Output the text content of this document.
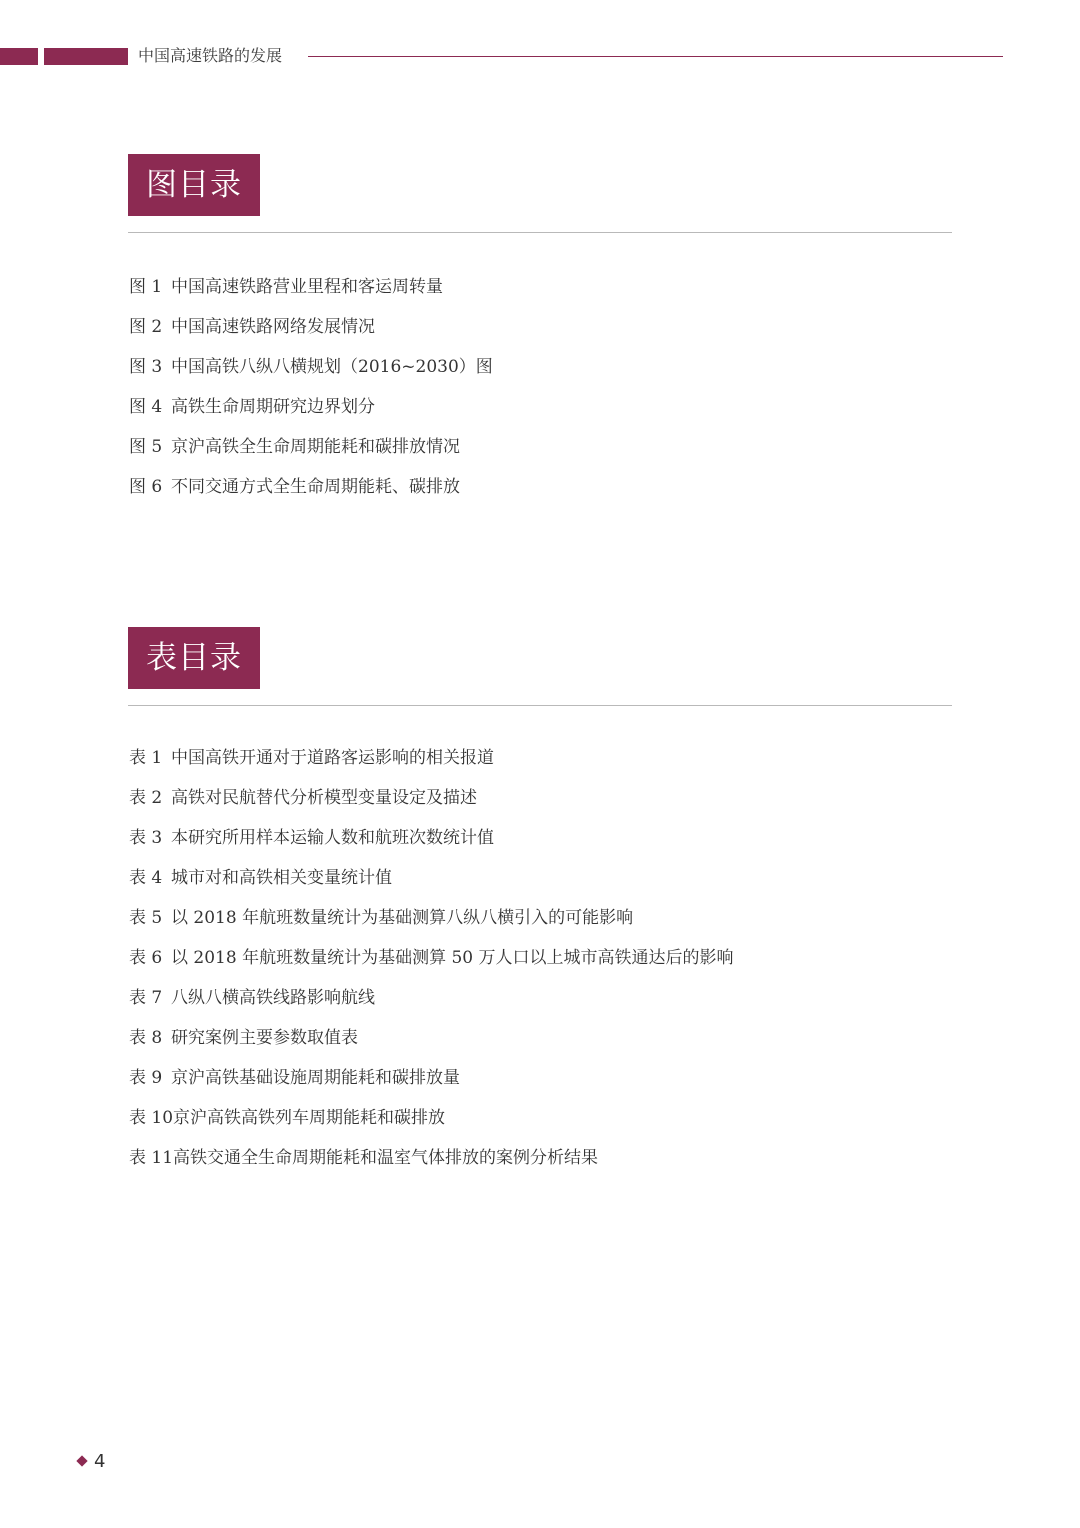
中国高速铁路的发展
图目录
图 1 中国高速铁路营业里程和客运周转量
图 2 中国高速铁路网络发展情况
图 3 中国高铁八纵八横规划（2016~2030）图
图 4 高铁生命周期研究边界划分
图 5 京沪高铁全生命周期能耗和碳排放情况
图 6 不同交通方式全生命周期能耗、碳排放
表目录
表 1 中国高铁开通对于道路客运影响的相关报道
表 2 高铁对民航替代分析模型变量设定及描述
表 3 本研究所用样本运输人数和航班次数统计值
表 4 城市对和高铁相关变量统计值
表 5 以 2018 年航班数量统计为基础测算八纵八横引入的可能影响
表 6 以 2018 年航班数量统计为基础测算 50 万人口以上城市高铁通达后的影响
表 7 八纵八横高铁线路影响航线
表 8 研究案例主要参数取值表
表 9 京沪高铁基础设施周期能耗和碳排放量
表 10京沪高铁高铁列车周期能耗和碳排放
表 11高铁交通全生命周期能耗和温室气体排放的案例分析结果
4
